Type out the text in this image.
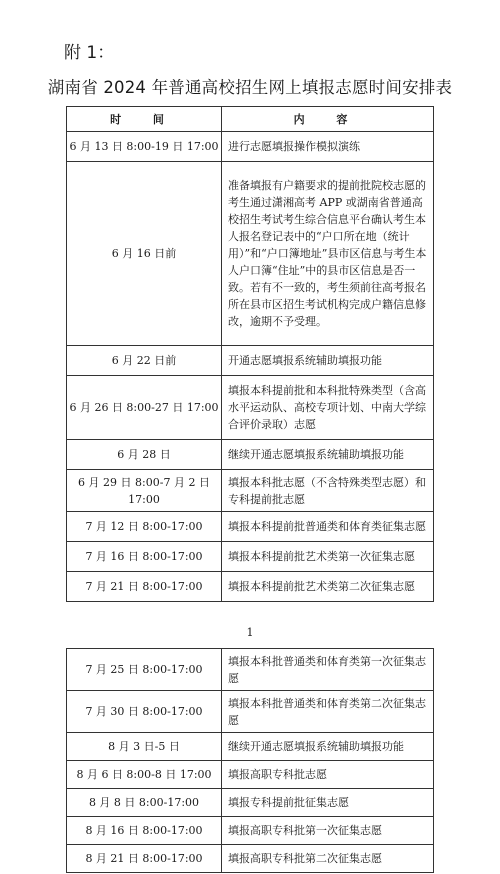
附 1：
湖南省 2024 年普通高校招生网上填报志愿时间安排表
时 间	内 容
6 月 13 日 8:00-19 日 17:00	进行志愿填报操作模拟演练
6 月 16 日前	准备填报有户籍要求的提前批院校志愿的考生通过潇湘高考 APP 或湖南省普通高校招生考试考生综合信息平台确认考生本人报名登记表中的“户口所在地（统计用）”和“户口簿地址”县市区信息与考生本人户口簿“住址”中的县市区信息是否一致。若有不一致的，考生须前往高考报名所在县市区招生考试机构完成户籍信息修改，逾期不予受理。
6 月 22 日前	开通志愿填报系统辅助填报功能
6 月 26 日 8:00-27 日 17:00	填报本科提前批和本科批特殊类型（含高水平运动队、高校专项计划、中南大学综合评价录取）志愿
6 月 28 日	继续开通志愿填报系统辅助填报功能
6 月 29 日 8:00-7 月 2 日 17:00	填报本科批志愿（不含特殊类型志愿）和专科提前批志愿
7 月 12 日 8:00-17:00	填报本科提前批普通类和体育类征集志愿
7 月 16 日 8:00-17:00	填报本科提前批艺术类第一次征集志愿
7 月 21 日 8:00-17:00	填报本科提前批艺术类第二次征集志愿
1
7 月 25 日 8:00-17:00	填报本科批普通类和体育类第一次征集志愿
7 月 30 日 8:00-17:00	填报本科批普通类和体育类第二次征集志愿
8 月 3 日-5 日	继续开通志愿填报系统辅助填报功能
8 月 6 日 8:00-8 日 17:00	填报高职专科批志愿
8 月 8 日 8:00-17:00	填报专科提前批征集志愿
8 月 16 日 8:00-17:00	填报高职专科批第一次征集志愿
8 月 21 日 8:00-17:00	填报高职专科批第二次征集志愿
